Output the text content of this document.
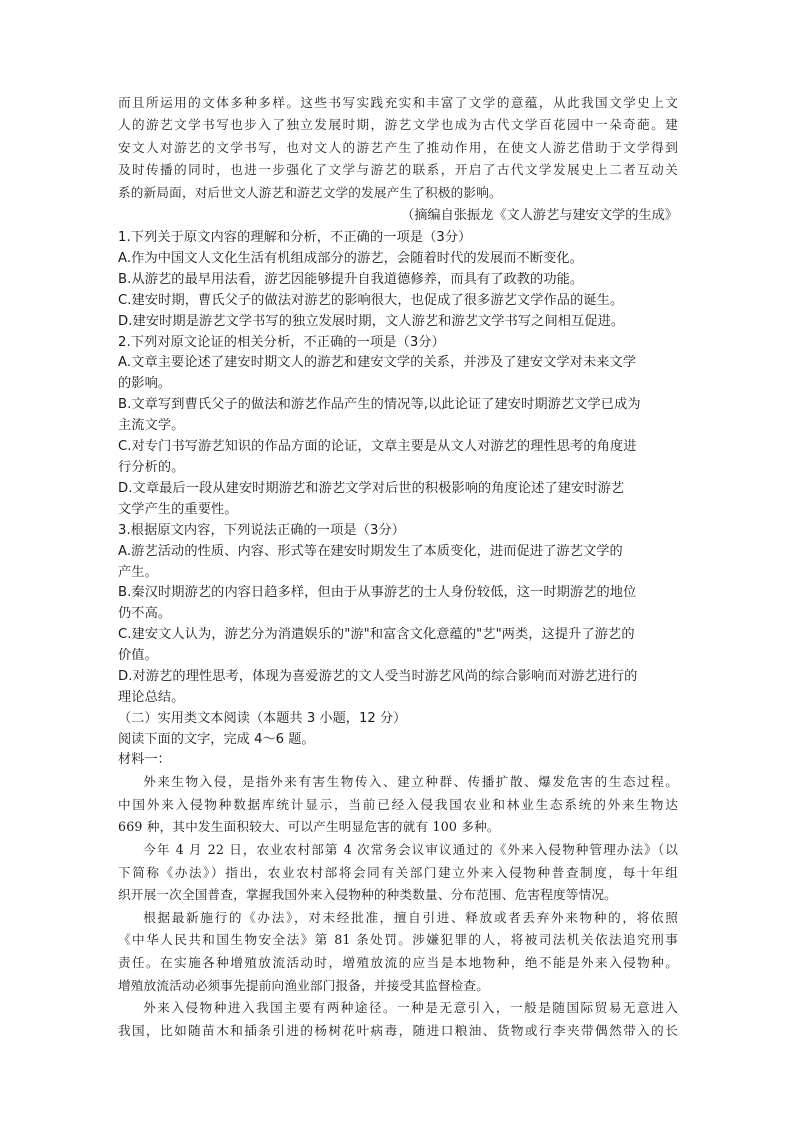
而且所运用的文体多种多样。这些书写实践充实和丰富了文学的意蕴，从此我国文学史上文

人的游艺文学书写也步入了独立发展时期，游艺文学也成为古代文学百花园中一朵奇葩。建

安文人对游艺的文学书写，也对文人的游艺产生了推动作用，在使文人游艺借助于文学得到

及时传播的同时，也进一步强化了文学与游艺的联系，开启了古代文学发展史上二者互动关

系的新局面，对后世文人游艺和游艺文学的发展产生了积极的影响。

（摘编自张振龙《文人游艺与建安文学的生成》

1.下列关于原文内容的理解和分析，不正确的一项是（3分）

A.作为中国文人文化生活有机组成部分的游艺，会随着时代的发展而不断变化。

B.从游艺的最早用法看，游艺因能够提升自我道德修养，而具有了政教的功能。

C.建安时期，曹氏父子的做法对游艺的影响很大，也促成了很多游艺文学作品的诞生。

D.建安时期是游艺文学书写的独立发展时期，文人游艺和游艺文学书写之间相互促进。

2.下列对原文论证的相关分析，不正确的一项是（3分）

A.文章主要论述了建安时期文人的游艺和建安文学的关系，并涉及了建安文学对未来文学

的影响。

B.文章写到曹氏父子的做法和游艺作品产生的情况等,以此论证了建安时期游艺文学已成为

主流文学。

C.对专门书写游艺知识的作品方面的论证，文章主要是从文人对游艺的理性思考的角度进

行分析的。

D.文章最后一段从建安时期游艺和游艺文学对后世的积极影响的角度论述了建安时游艺

文学产生的重要性。

3.根据原文内容，下列说法正确的一项是（3分）

A.游艺活动的性质、内容、形式等在建安时期发生了本质变化，进而促进了游艺文学的

产生。

B.秦汉时期游艺的内容日趋多样，但由于从事游艺的士人身份较低，这一时期游艺的地位

仍不高。

C.建安文人认为，游艺分为消遣娱乐的"游"和富含文化意蕴的"艺"两类，这提升了游艺的

价值。

D.对游艺的理性思考，体现为喜爱游艺的文人受当时游艺风尚的综合影响而对游艺进行的

理论总结。

（二）实用类文本阅读（本题共 3 小题，12 分）

阅读下面的文字，完成 4～6 题。

材料一：

外来生物入侵，是指外来有害生物传入、建立种群、传播扩散、爆发危害的生态过程。

中国外来入侵物种数据库统计显示，当前已经入侵我国农业和林业生态系统的外来生物达

669 种，其中发生面积较大、可以产生明显危害的就有 100 多种。

今年 4 月 22 日，农业农村部第 4 次常务会议审议通过的《外来入侵物种管理办法》（以

下简称《办法》）指出，农业农村部将会同有关部门建立外来入侵物种普查制度，每十年组

织开展一次全国普查，掌握我国外来入侵物种的种类数量、分布范围、危害程度等情况。

根据最新施行的《办法》，对未经批准，擅自引进、释放或者丢弃外来物种的，将依照

《中华人民共和国生物安全法》第 81 条处罚。涉嫌犯罪的人，将被司法机关依法追究刑事

责任。在实施各种增殖放流活动时，增殖放流的应当是本地物种，绝不能是外来入侵物种。

增殖放流活动必须事先提前向渔业部门报备，并接受其监督检查。

外来入侵物种进入我国主要有两种途径。一种是无意引入，一般是随国际贸易无意进入

我国，比如随苗木和插条引进的杨树花叶病毒，随进口粮油、货物或行李夹带偶然带入的长
